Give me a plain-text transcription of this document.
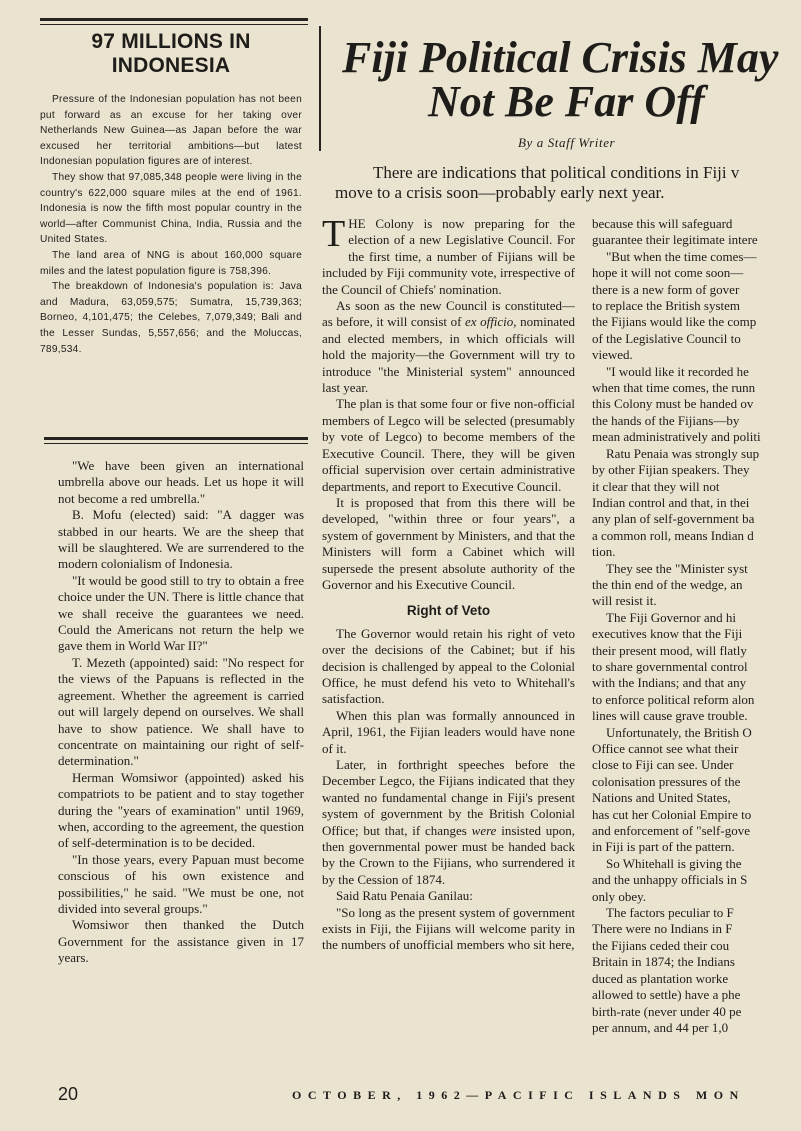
97 MILLIONS IN
INDONESIA

Pressure of the Indonesian population has not been put forward as an excuse for her taking over Netherlands New Guinea—as Japan before the war excused her territorial ambitions—but latest Indonesian population figures are of interest.

They show that 97,085,348 people were living in the country's 622,000 square miles at the end of 1961. Indonesia is now the fifth most popular country in the world—after Communist China, India, Russia and the United States.

The land area of NNG is about 160,000 square miles and the latest population figure is 758,396.

The breakdown of Indonesia's population is: Java and Madura, 63,059,575; Sumatra, 15,739,363; Borneo, 4,101,475; the Celebes, 7,079,349; Bali and the Lesser Sundas, 5,557,656; and the Moluccas, 789,534.

Fiji Political Crisis May
Not Be Far Off
By a Staff Writer
There are indications that political conditions in Fiji v
move to a crisis soon—probably early next year.

"We have been given an international umbrella above our heads. Let us hope it will not become a red umbrella."

B. Mofu (elected) said: "A dagger was stabbed in our hearts. We are the sheep that will be slaughtered. We are surrendered to the modern colonialism of Indonesia.

"It would be good still to try to obtain a free choice under the UN. There is little chance that we shall receive the guarantees we need. Could the Americans not return the help we gave them in World War II?"

T. Mezeth (appointed) said: "No respect for the views of the Papuans is reflected in the agreement. Whether the agreement is carried out will largely depend on ourselves. We shall have to show patience. We shall have to concentrate on maintaining our right of self-determination."

Herman Womsiwor (appointed) asked his compatriots to be patient and to stay together during the "years of examination" until 1969, when, according to the agreement, the question of self-determination is to be decided.

"In those years, every Papuan must become conscious of his own existence and possibilities," he said. "We must be one, not divided into several groups."

Womsiwor then thanked the Dutch Government for the assistance given in 17 years.

THE Colony is now preparing for the election of a new Legislative Council. For the first time, a number of Fijians will be included by Fiji community vote, irrespective of the Council of Chiefs' nomination.

As soon as the new Council is constituted—as before, it will consist of ex officio, nominated and elected members, in which officials will hold the majority—the Government will try to introduce "the Ministerial system" announced last year.

The plan is that some four or five non-official members of Legco will be selected (presumably by vote of Legco) to become members of the Executive Council. There, they will be given official supervision over certain administrative departments, and report to Executive Council.

It is proposed that from this there will be developed, "within three or four years", a system of government by Ministers, and that the Ministers will form a Cabinet which will supersede the present absolute authority of the Governor and his Executive Council.

Right of Veto

The Governor would retain his right of veto over the decisions of the Cabinet; but if his decision is challenged by appeal to the Colonial Office, he must defend his veto to Whitehall's satisfaction.

When this plan was formally announced in April, 1961, the Fijian leaders would have none of it.

Later, in forthright speeches before the December Legco, the Fijians indicated that they wanted no fundamental change in Fiji's present system of government by the British Colonial Office; but that, if changes were insisted upon, then governmental power must be handed back by the Crown to the Fijians, who surrendered it by the Cession of 1874.

Said Ratu Penaia Ganilau:

"So long as the present system of government exists in Fiji, the Fijians will welcome parity in the numbers of unofficial members who sit here,

because this will safeguard

guarantee their legitimate intere

"But when the time comes—

hope it will not come soon—

there is a new form of gover

to replace the British system

the Fijians would like the comp

of the Legislative Council to

viewed.

"I would like it recorded he

when that time comes, the runn

this Colony must be handed ov

the hands of the Fijians—by

mean administratively and politi

Ratu Penaia was strongly sup

by other Fijian speakers. They

it clear that they will not

Indian control and that, in thei

any plan of self-government ba

a common roll, means Indian d

tion.

They see the "Minister syst

the thin end of the wedge, an

will resist it.

The Fiji Governor and hi

executives know that the Fiji

their present mood, will flatly

to share governmental control

with the Indians; and that any

to enforce political reform alon

lines will cause grave trouble.

Unfortunately, the British O

Office cannot see what their

close to Fiji can see. Under

colonisation pressures of the

Nations and United States,

has cut her Colonial Empire to

and enforcement of "self-gove

in Fiji is part of the pattern.

So Whitehall is giving the

and the unhappy officials in S

only obey.

The factors peculiar to F

There were no Indians in F

the Fijians ceded their cou

Britain in 1874; the Indians

duced as plantation worke

allowed to settle) have a phe

birth-rate (never under 40 pe

per annum, and 44 per 1,0

20	OCTOBER, 1962—PACIFIC ISLANDS MON
